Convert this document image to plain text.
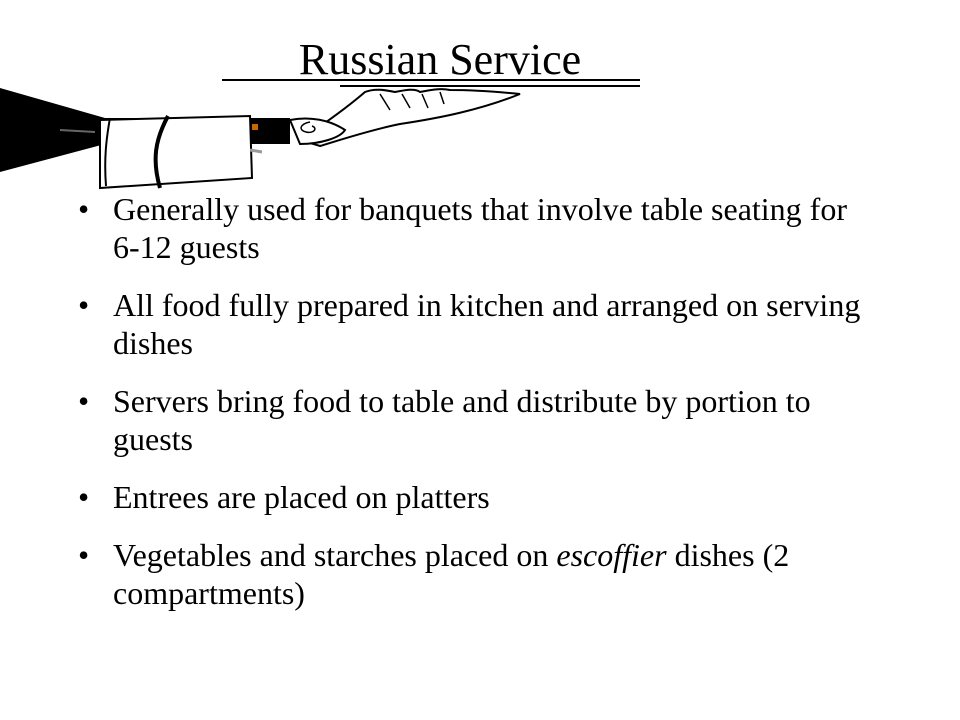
Russian Service
• Generally used for banquets that involve table seating for 6-12 guests
• All food fully prepared in kitchen and arranged on serving dishes
• Servers bring food to table and distribute by portion to guests
• Entrees are placed on platters
• Vegetables and starches placed on escoffier dishes (2 compartments)
